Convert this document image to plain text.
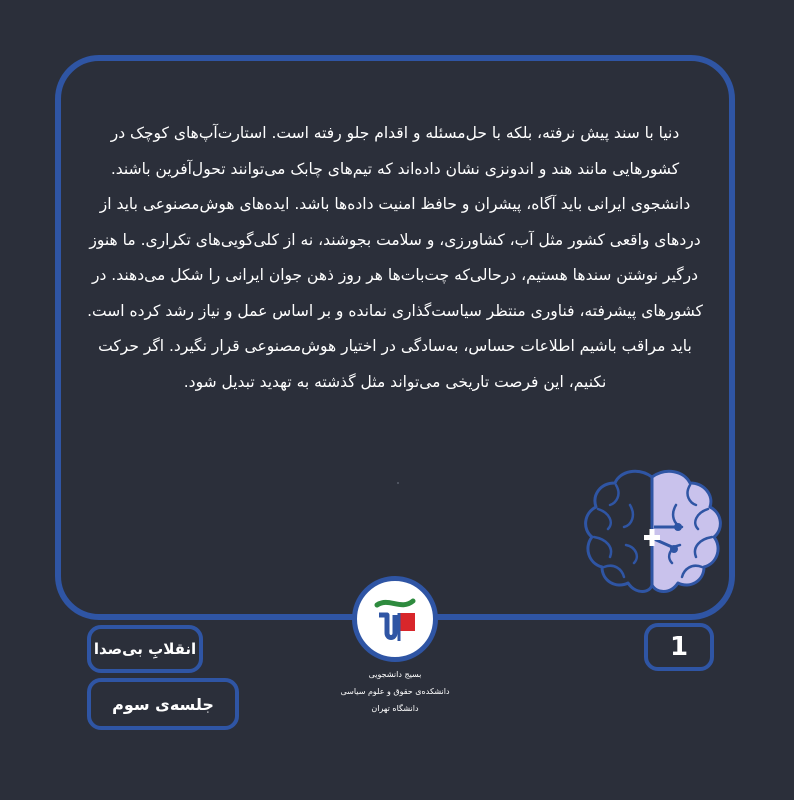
دنیا با سند پیش نرفته، بلکه با حل‌مسئله و اقدام جلو رفته است. استارت‌آپ‌های کوچک در کشورهایی مانند هند و اندونزی نشان داده‌اند که تیم‌های چابک می‌توانند تحول‌آفرین باشند. دانشجوی ایرانی باید آگاه، پیشران و حافظ امنیت داده‌ها باشد. ایده‌های هوش‌مصنوعی باید از دردهای واقعی کشور مثل آب، کشاورزی، و سلامت بجوشند، نه از کلی‌گویی‌های تکراری. ما هنوز درگیر نوشتن سندها هستیم، درحالی‌که چت‌بات‌ها هر روز ذهن جوان ایرانی را شکل می‌دهند. در کشورهای پیشرفته، فناوری منتظر سیاست‌گذاری نمانده و بر اساس عمل و نیاز رشد کرده است. باید مراقب باشیم اطلاعات حساس، به‌سادگی در اختیار هوش‌مصنوعی قرار نگیرد. اگر حرکت نکنیم، این فرصت تاریخی می‌تواند مثل گذشته به تهدید تبدیل شود.

بسیج دانشجویی
دانشکده‌ی حقوق و علوم سیاسی
دانشگاه تهران
انقلابِ بی‌صدا
جلسه‌ی سوم
1
